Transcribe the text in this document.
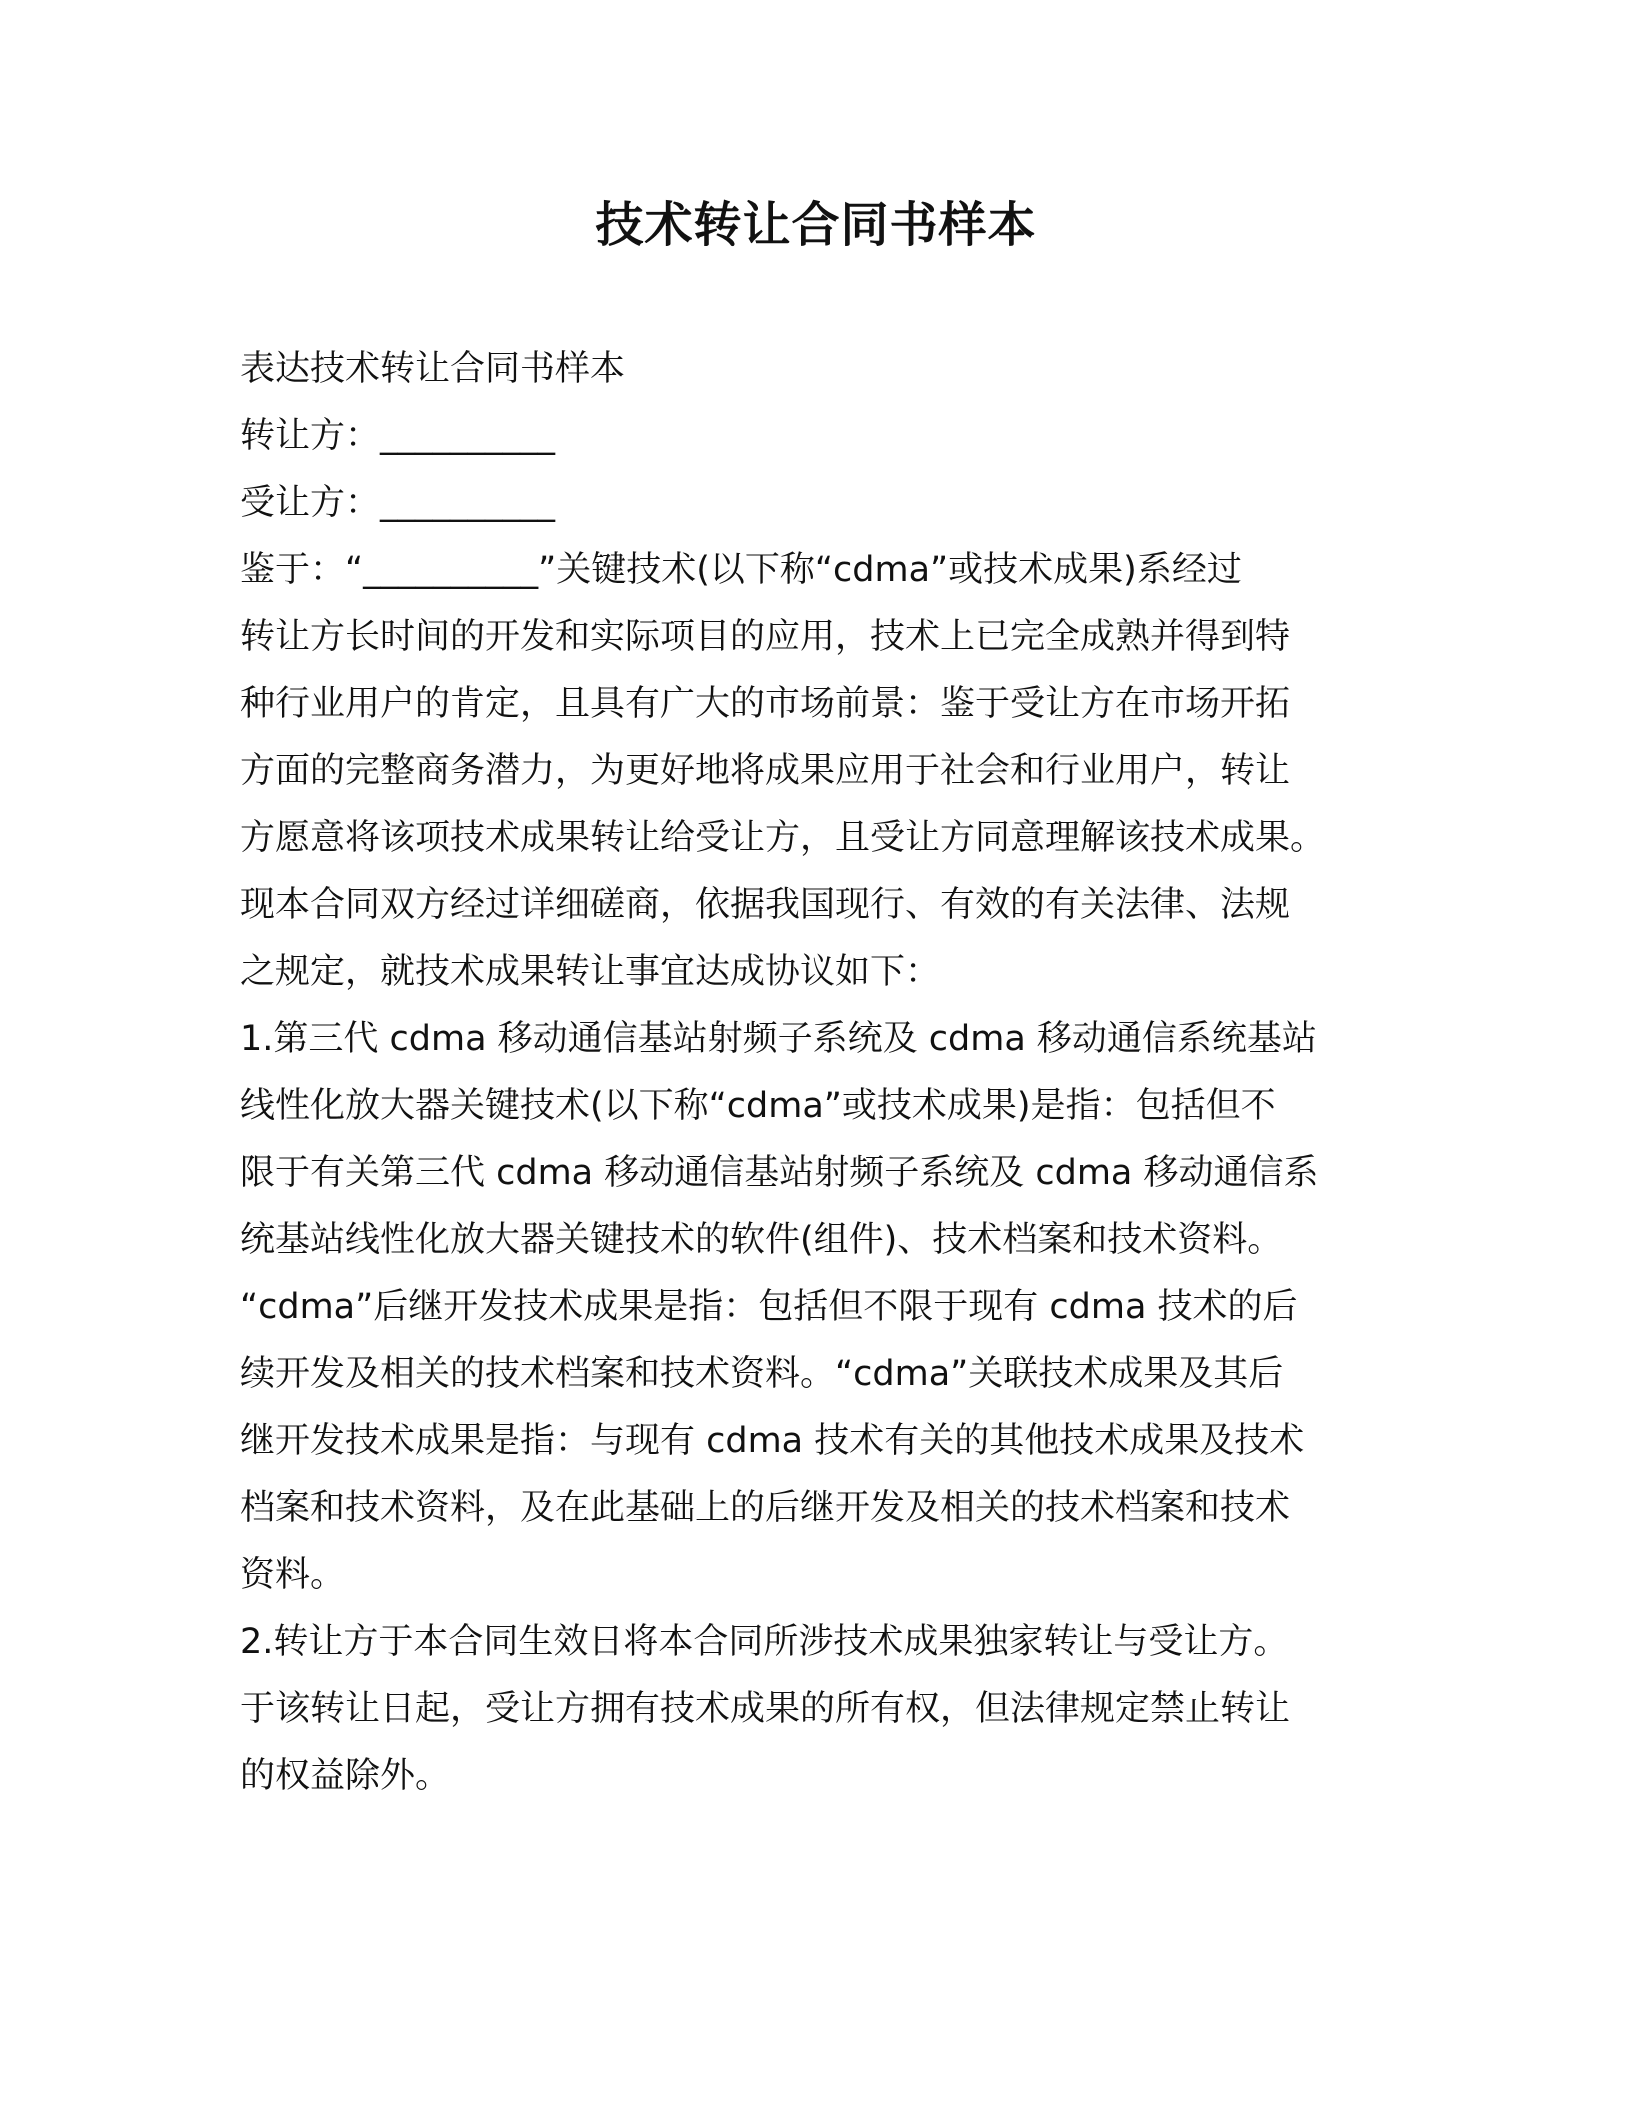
技术转让合同书样本
表达技术转让合同书样本
转让方：__________
受让方：__________
鉴于：“__________”关键技术(以下称“cdma”或技术成果)系经过
转让方长时间的开发和实际项目的应用，技术上已完全成熟并得到特
种行业用户的肯定，且具有广大的市场前景：鉴于受让方在市场开拓
方面的完整商务潜力，为更好地将成果应用于社会和行业用户，转让
方愿意将该项技术成果转让给受让方，且受让方同意理解该技术成果。
现本合同双方经过详细磋商，依据我国现行、有效的有关法律、法规
之规定，就技术成果转让事宜达成协议如下：
1.第三代 cdma 移动通信基站射频子系统及 cdma 移动通信系统基站
线性化放大器关键技术(以下称“cdma”或技术成果)是指：包括但不
限于有关第三代 cdma 移动通信基站射频子系统及 cdma 移动通信系
统基站线性化放大器关键技术的软件(组件)、技术档案和技术资料。
“cdma”后继开发技术成果是指：包括但不限于现有 cdma 技术的后
续开发及相关的技术档案和技术资料。“cdma”关联技术成果及其后
继开发技术成果是指：与现有 cdma 技术有关的其他技术成果及技术
档案和技术资料，及在此基础上的后继开发及相关的技术档案和技术
资料。
2.转让方于本合同生效日将本合同所涉技术成果独家转让与受让方。
于该转让日起，受让方拥有技术成果的所有权，但法律规定禁止转让
的权益除外。
